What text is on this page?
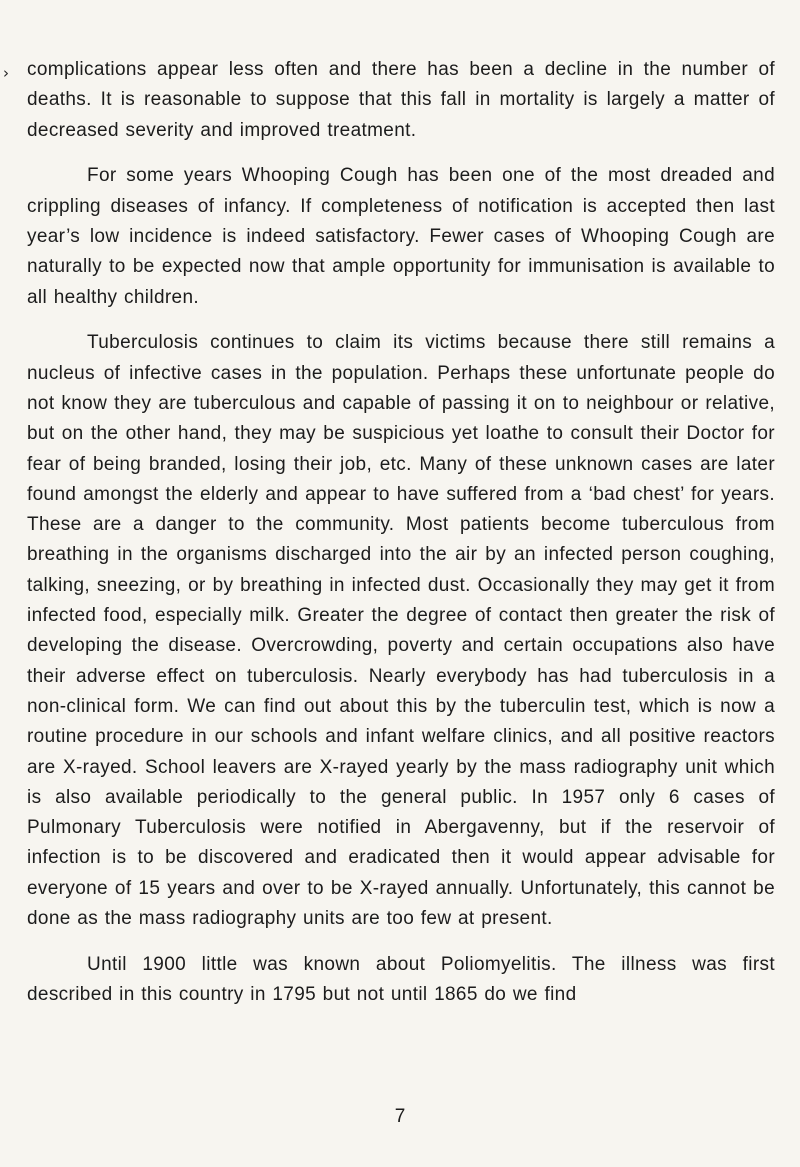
› complications appear less often and there has been a decline in the number of deaths. It is reasonable to suppose that this fall in mortality is largely a matter of decreased severity and improved treatment.

For some years Whooping Cough has been one of the most dreaded and crippling diseases of infancy. If completeness of notification is accepted then last year’s low incidence is indeed satisfactory. Fewer cases of Whooping Cough are naturally to be expected now that ample opportunity for immunisation is available to all healthy children.

Tuberculosis continues to claim its victims because there still remains a nucleus of infective cases in the population. Perhaps these unfortunate people do not know they are tuberculous and capable of passing it on to neighbour or relative, but on the other hand, they may be suspicious yet loathe to consult their Doctor for fear of being branded, losing their job, etc. Many of these unknown cases are later found amongst the elderly and appear to have suffered from a ‘bad chest’ for years. These are a danger to the community. Most patients become tuberculous from breathing in the organisms discharged into the air by an infected person coughing, talking, sneezing, or by breathing in infected dust. Occasionally they may get it from infected food, especially milk. Greater the degree of contact then greater the risk of developing the disease. Overcrowding, poverty and certain occupations also have their adverse effect on tuberculosis. Nearly everybody has had tuberculosis in a non-clinical form. We can find out about this by the tuberculin test, which is now a routine procedure in our schools and infant welfare clinics, and all positive reactors are X-rayed. School leavers are X-rayed yearly by the mass radiography unit which is also available periodically to the general public. In 1957 only 6 cases of Pulmonary Tuberculosis were notified in Abergavenny, but if the reservoir of infection is to be discovered and eradicated then it would appear advisable for everyone of 15 years and over to be X-rayed annually. Unfortunately, this cannot be done as the mass radiography units are too few at present.

Until 1900 little was known about Poliomyelitis. The illness was first described in this country in 1795 but not until 1865 do we find

7
